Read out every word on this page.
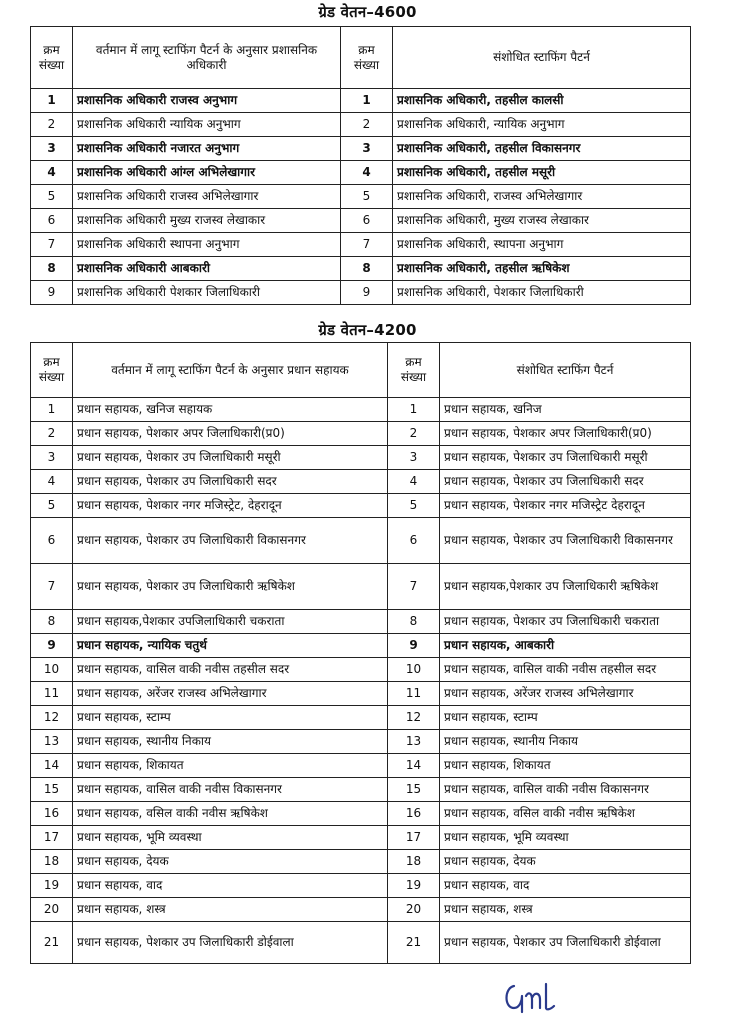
ग्रेड वेतन–4600
क्रम संख्या	वर्तमान में लागू स्टाफिंग पैटर्न के अनुसार प्रशासनिक अधिकारी	क्रम संख्या	संशोधित स्टाफिंग पैटर्न
1	प्रशासनिक अधिकारी राजस्व अनुभाग	1	प्रशासनिक अधिकारी, तहसील कालसी
2	प्रशासनिक अधिकारी न्यायिक अनुभाग	2	प्रशासनिक अधिकारी, न्यायिक अनुभाग
3	प्रशासनिक अधिकारी नजारत अनुभाग	3	प्रशासनिक अधिकारी, तहसील विकासनगर
4	प्रशासनिक अधिकारी आंग्ल अभिलेखागार	4	प्रशासनिक अधिकारी, तहसील मसूरी
5	प्रशासनिक अधिकारी राजस्व अभिलेखागार	5	प्रशासनिक अधिकारी, राजस्व अभिलेखागार
6	प्रशासनिक अधिकारी मुख्य राजस्व लेखाकार	6	प्रशासनिक अधिकारी, मुख्य राजस्व लेखाकार
7	प्रशासनिक अधिकारी स्थापना अनुभाग	7	प्रशासनिक अधिकारी, स्थापना अनुभाग
8	प्रशासनिक अधिकारी आबकारी	8	प्रशासनिक अधिकारी, तहसील ऋषिकेश
9	प्रशासनिक अधिकारी पेशकार जिलाधिकारी	9	प्रशासनिक अधिकारी, पेशकार जिलाधिकारी
ग्रेड वेतन–4200
क्रम संख्या	वर्तमान में लागू स्टाफिंग पैटर्न के अनुसार प्रधान सहायक	क्रम संख्या	संशोधित स्टाफिंग पैटर्न
1	प्रधान सहायक, खनिज सहायक	1	प्रधान सहायक, खनिज
2	प्रधान सहायक, पेशकार अपर जिलाधिकारी(प्र0)	2	प्रधान सहायक, पेशकार अपर जिलाधिकारी(प्र0)
3	प्रधान सहायक, पेशकार उप जिलाधिकारी मसूरी	3	प्रधान सहायक, पेशकार उप जिलाधिकारी मसूरी
4	प्रधान सहायक, पेशकार उप जिलाधिकारी सदर	4	प्रधान सहायक, पेशकार उप जिलाधिकारी सदर
5	प्रधान सहायक, पेशकार नगर मजिस्ट्रेट, देहरादून	5	प्रधान सहायक, पेशकार नगर मजिस्ट्रेट देहरादून
6	प्रधान सहायक, पेशकार उप जिलाधिकारी विकासनगर	6	प्रधान सहायक, पेशकार उप जिलाधिकारी विकासनगर
7	प्रधान सहायक, पेशकार उप जिलाधिकारी ऋषिकेश	7	प्रधान सहायक,पेशकार उप जिलाधिकारी ऋषिकेश
8	प्रधान सहायक,पेशकार उपजिलाधिकारी चकराता	8	प्रधान सहायक, पेशकार उप जिलाधिकारी चकराता
9	प्रधान सहायक, न्यायिक चतुर्थ	9	प्रधान सहायक, आबकारी
10	प्रधान सहायक, वासिल वाकी नवीस तहसील सदर	10	प्रधान सहायक, वासिल वाकी नवीस तहसील सदर
11	प्रधान सहायक, अरेंजर राजस्व अभिलेखागार	11	प्रधान सहायक, अरेंजर राजस्व अभिलेखागार
12	प्रधान सहायक, स्टाम्प	12	प्रधान सहायक, स्टाम्प
13	प्रधान सहायक, स्थानीय निकाय	13	प्रधान सहायक, स्थानीय निकाय
14	प्रधान सहायक, शिकायत	14	प्रधान सहायक, शिकायत
15	प्रधान सहायक, वासिल वाकी नवीस विकासनगर	15	प्रधान सहायक, वासिल वाकी नवीस विकासनगर
16	प्रधान सहायक, वसिल वाकी नवीस ऋषिकेश	16	प्रधान सहायक, वसिल वाकी नवीस ऋषिकेश
17	प्रधान सहायक, भूमि व्यवस्था	17	प्रधान सहायक, भूमि व्यवस्था
18	प्रधान सहायक, देयक	18	प्रधान सहायक, देयक
19	प्रधान सहायक, वाद	19	प्रधान सहायक, वाद
20	प्रधान सहायक, शस्त्र	20	प्रधान सहायक, शस्त्र
21	प्रधान सहायक, पेशकार उप जिलाधिकारी डोईवाला	21	प्रधान सहायक, पेशकार उप जिलाधिकारी डोईवाला
